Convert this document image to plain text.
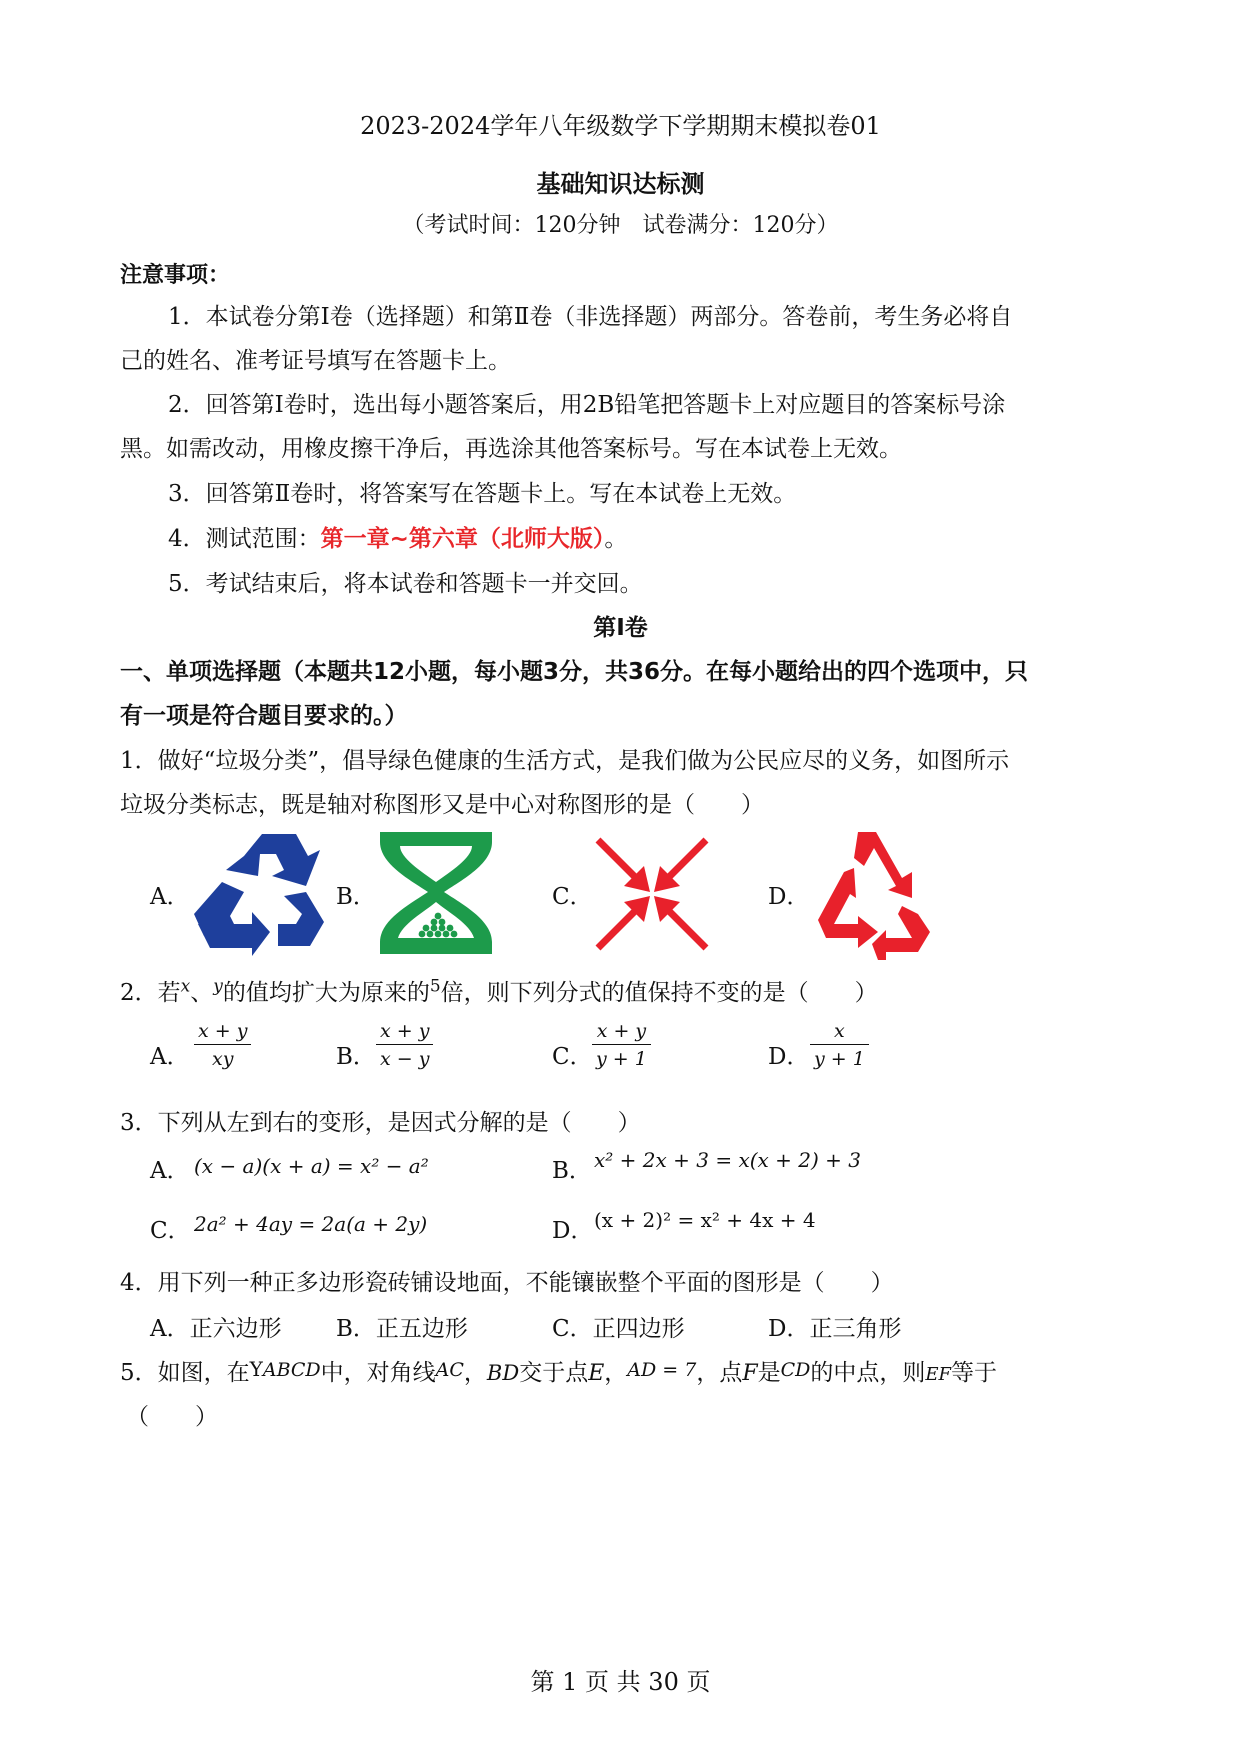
2023-2024学年八年级数学下学期期末模拟卷01
基础知识达标测
（考试时间：120分钟　试卷满分：120分）
注意事项：
1．本试卷分第Ⅰ卷（选择题）和第Ⅱ卷（非选择题）两部分。答卷前，考生务必将自
己的姓名、准考证号填写在答题卡上。
2．回答第Ⅰ卷时，选出每小题答案后，用2B铅笔把答题卡上对应题目的答案标号涂
黑。如需改动，用橡皮擦干净后，再选涂其他答案标号。写在本试卷上无效。
3．回答第Ⅱ卷时，将答案写在答题卡上。写在本试卷上无效。
4．测试范围：第一章~第六章（北师大版）。
5．考试结束后，将本试卷和答题卡一并交回。
第Ⅰ卷
一、单项选择题（本题共12小题，每小题3分，共36分。在每小题给出的四个选项中，只
有一项是符合题目要求的。）
1．做好“垃圾分类”，倡导绿色健康的生活方式，是我们做为公民应尽的义务，如图所示
垃圾分类标志，既是轴对称图形又是中心对称图形的是（　　）
A．	B．	C．	D．
2．若$^x$、$^y$的值均扩大为原来的$^5$倍，则下列分式的值保持不变的是（　　）
A． $\frac{x + y}{xy}$	B． $\frac{x + y}{x - y}$	C． $\frac{x + y}{y + 1}$	D． $\frac{x}{y + 1}$
3．下列从左到右的变形，是因式分解的是（　　）
A． (x − a)(x + a) = x² − a²	B． x² + 2x + 3 = x(x + 2) + 3
C． 2a² + 4ay = 2a(a + 2y)	D． (x + 2)² = x² + 4x + 4
4．用下列一种正多边形瓷砖铺设地面，不能镶嵌整个平面的图形是（　　）
A．正六边形 B．正五边形	C．正四边形	D．正三角形
5．如图，在YABCD中，对角线AC，BD交于点E，AD = 7，点F是CD的中点，则EF等于
（　　）
第 1 页 共 30 页
